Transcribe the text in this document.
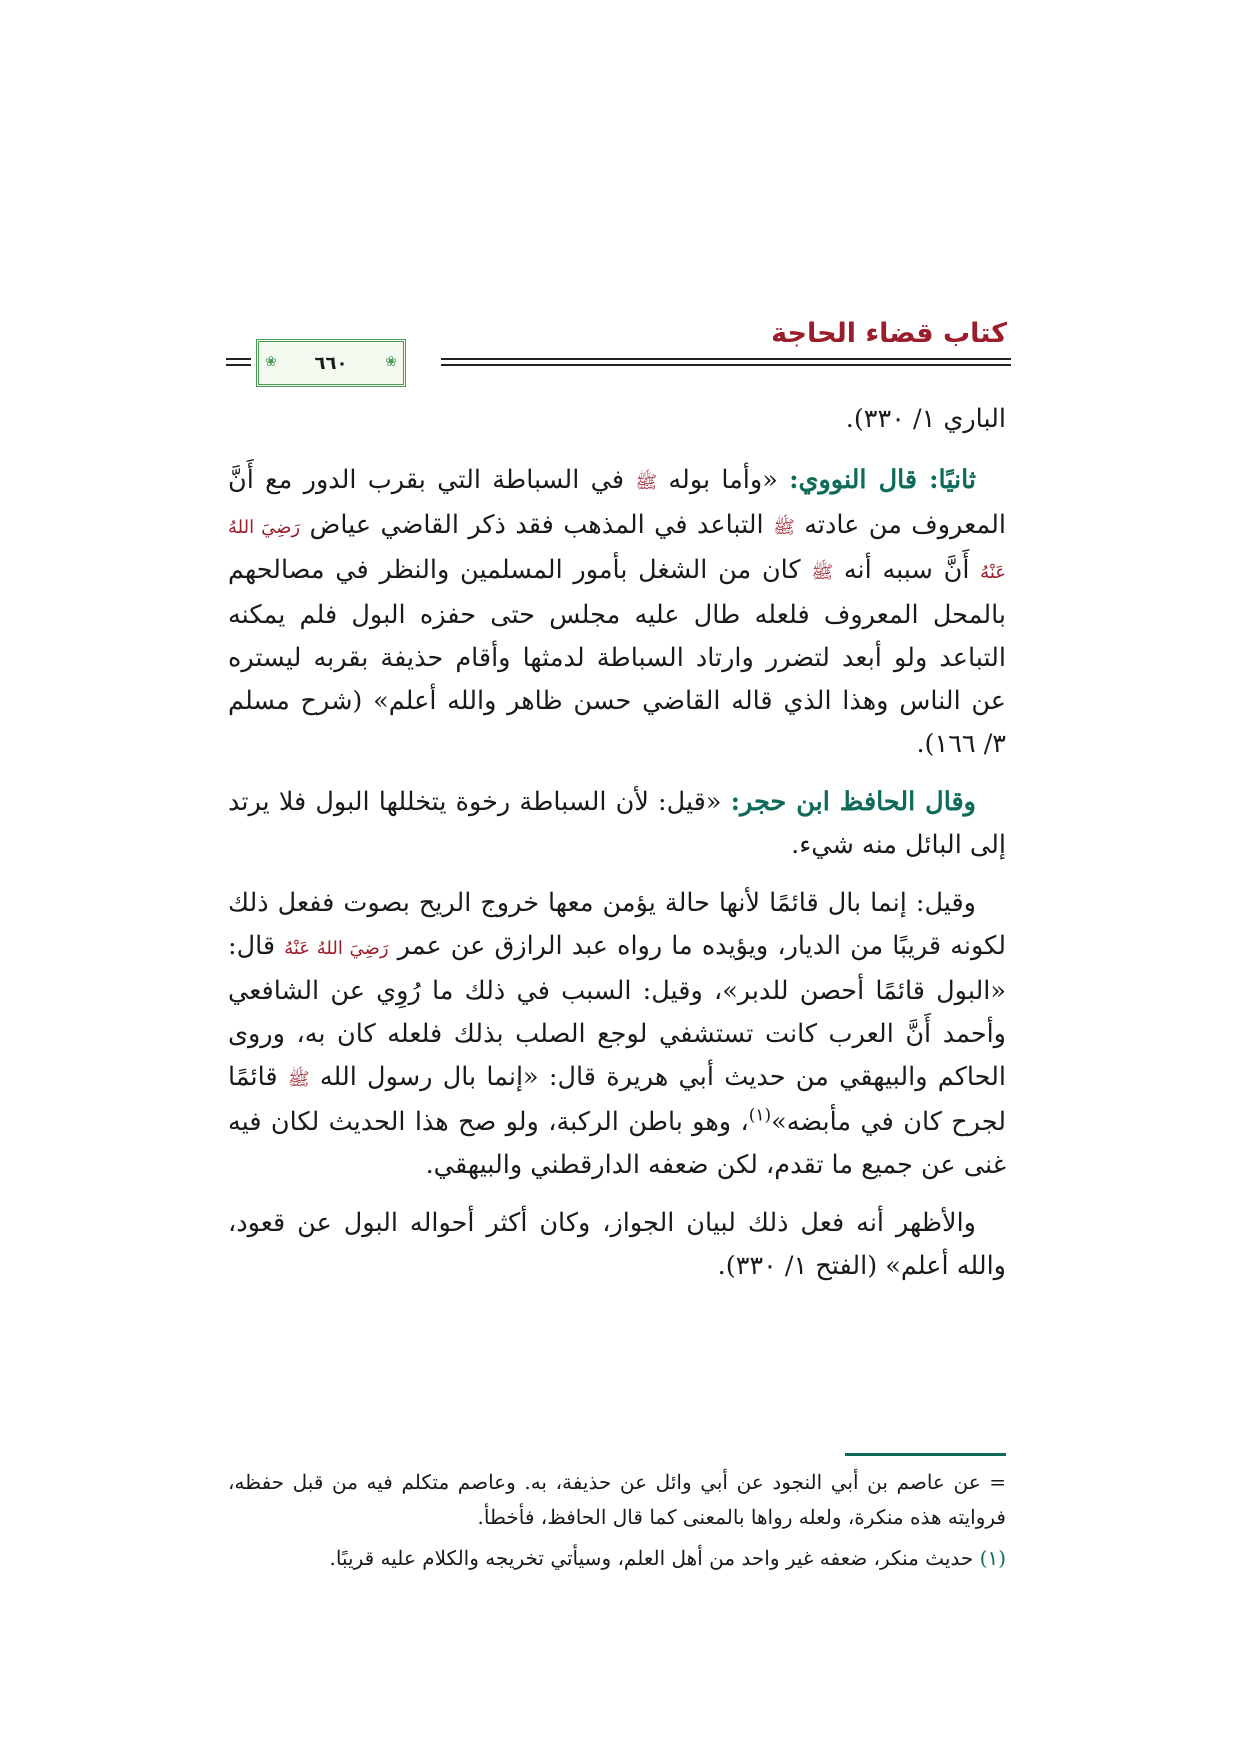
كتاب قضاء الحاجة
❀ ٦٦٠
❀

الباري ١/ ٣٣٠).

ثانيًا: قال النووي: «وأما بوله ﷺ في السباطة التي بقرب الدور مع أَنَّ المعروف من عادته ﷺ التباعد في المذهب فقد ذكر القاضي عياض رَضِيَ اللهُ عَنْهُ أَنَّ سببه أنه ﷺ كان من الشغل بأمور المسلمين والنظر في مصالحهم بالمحل المعروف فلعله طال عليه مجلس حتى حفزه البول فلم يمكنه التباعد ولو أبعد لتضرر وارتاد السباطة لدمثها وأقام حذيفة بقربه ليستره عن الناس وهذا الذي قاله القاضي حسن ظاهر والله أعلم» (شرح مسلم ٣/ ١٦٦).

وقال الحافظ ابن حجر: «قيل: لأن السباطة رخوة يتخللها البول فلا يرتد إلى البائل منه شيء.

وقيل: إنما بال قائمًا لأنها حالة يؤمن معها خروج الريح بصوت ففعل ذلك لكونه قريبًا من الديار، ويؤيده ما رواه عبد الرازق عن عمر رَضِيَ اللهُ عَنْهُ قال: «البول قائمًا أحصن للدبر»، وقيل: السبب في ذلك ما رُوِي عن الشافعي وأحمد أَنَّ العرب كانت تستشفي لوجع الصلب بذلك فلعله كان به، وروى الحاكم والبيهقي من حديث أبي هريرة قال: «إنما بال رسول الله ﷺ قائمًا لجرح كان في مأبضه»$^{(١)}$، وهو باطن الركبة، ولو صح هذا الحديث لكان فيه غنى عن جميع ما تقدم، لكن ضعفه الدارقطني والبيهقي.

والأظهر أنه فعل ذلك لبيان الجواز، وكان أكثر أحواله البول عن قعود، والله أعلم» (الفتح ١/ ٣٣٠).

= عن عاصم بن أبي النجود عن أبي وائل عن حذيفة، به. وعاصم متكلم فيه من قبل حفظه، فروايته هذه منكرة، ولعله رواها بالمعنى كما قال الحافظ، فأخطأ.

(١) حديث منكر، ضعفه غير واحد من أهل العلم، وسيأتي تخريجه والكلام عليه قريبًا.
